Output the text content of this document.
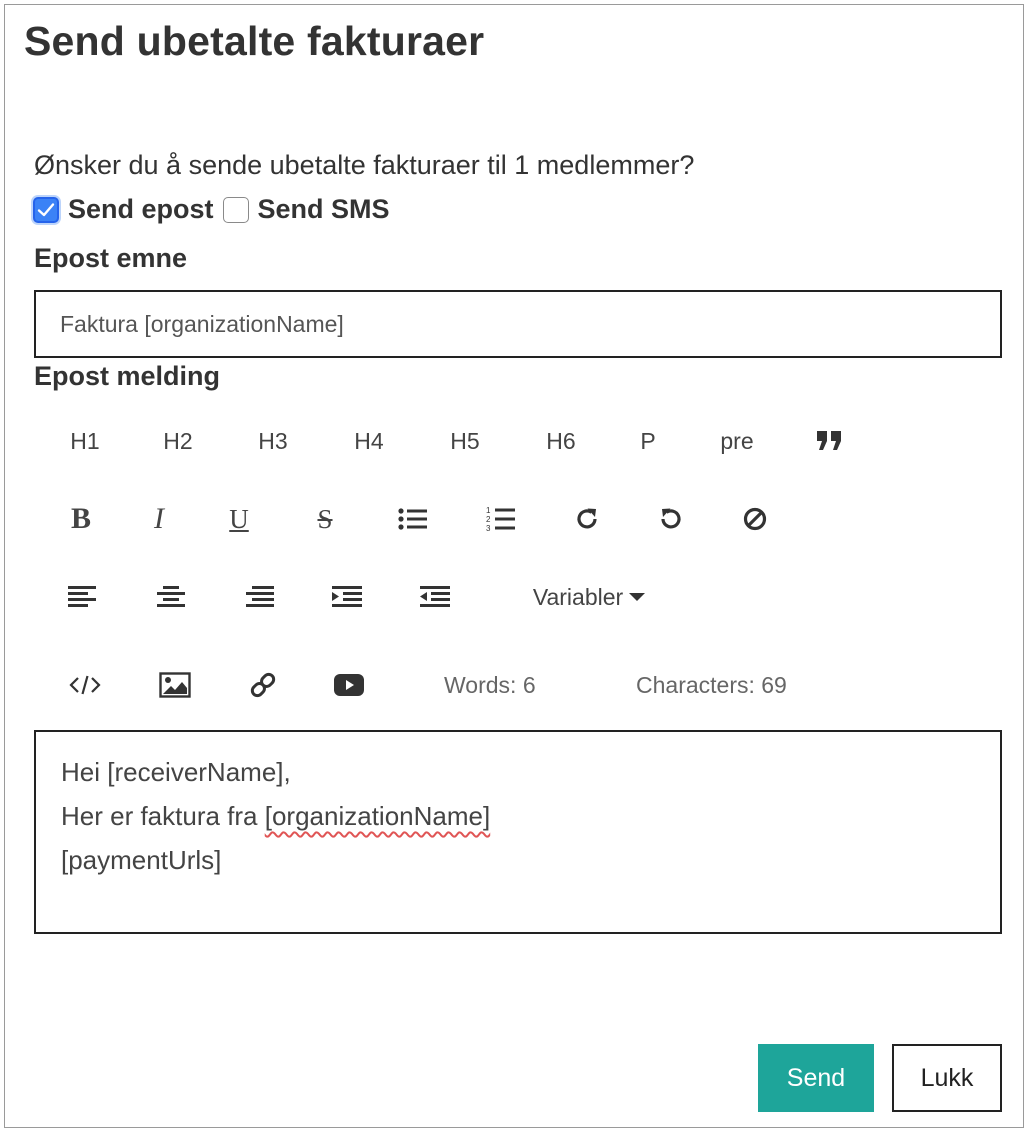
Send ubetalte fakturaer
Ønsker du å sende ubetalte fakturaer til 1 medlemmer?
Send epost Send SMS
Epost emne
Faktura [organizationName]
Epost melding
H1	H2	H3	H4	H5	H6	P	pre
B I U	S	1
2
3
Variabler
Words: 6	Characters: 69
Hei [receiverName],
Her er faktura fra [organizationName]
[paymentUrls]
Send	Lukk
